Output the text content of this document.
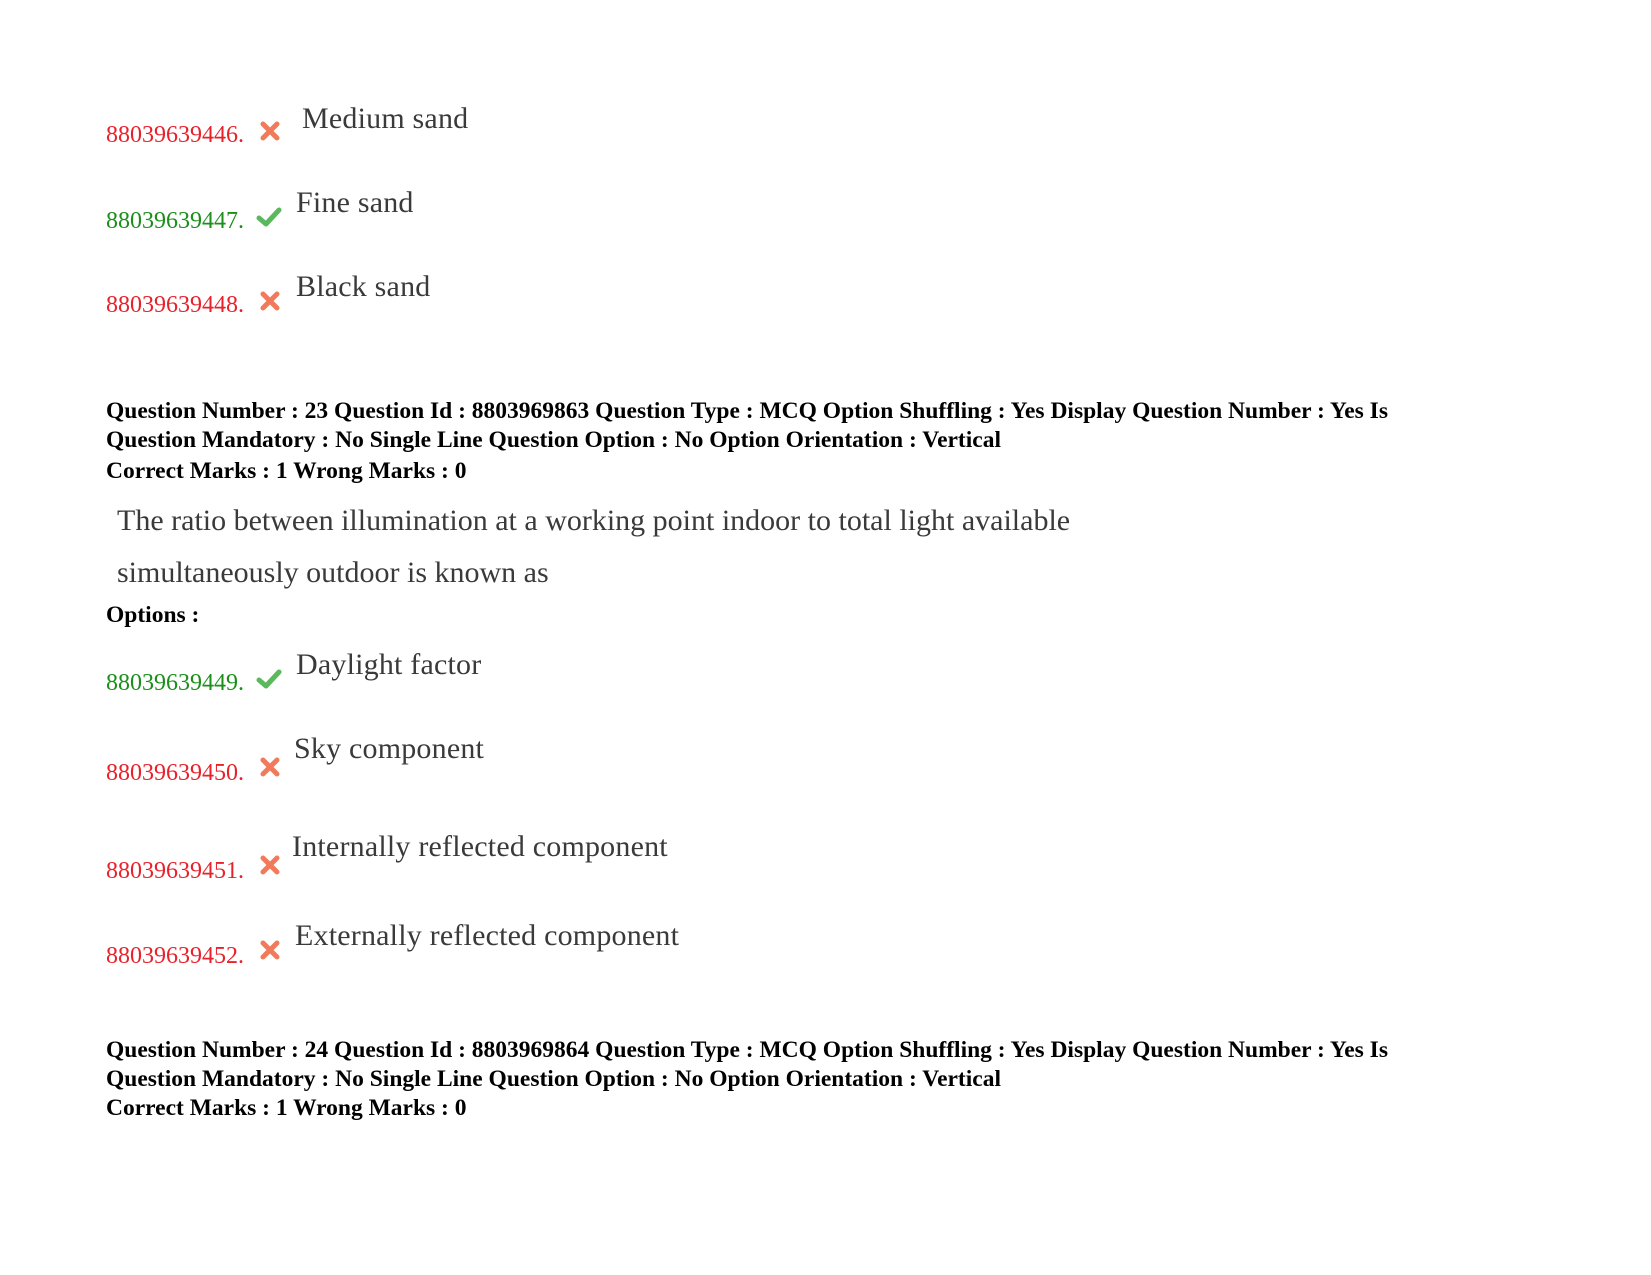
88039639446. Medium sand
88039639447.
Fine sand
88039639448.
Black sand
Question Number : 23 Question Id : 8803969863 Question Type : MCQ Option Shuffling : Yes Display Question Number : Yes Is
Question Mandatory : No Single Line Question Option : No Option Orientation : Vertical
Correct Marks : 1 Wrong Marks : 0
The ratio between illumination at a working point indoor to total light available
simultaneously outdoor is known as
Options :
88039639449.
Daylight factor
88039639450.
Sky component
88039639451.
Internally reflected component
88039639452.
Externally reflected component
Question Number : 24 Question Id : 8803969864 Question Type : MCQ Option Shuffling : Yes Display Question Number : Yes Is
Question Mandatory : No Single Line Question Option : No Option Orientation : Vertical
Correct Marks : 1 Wrong Marks : 0
